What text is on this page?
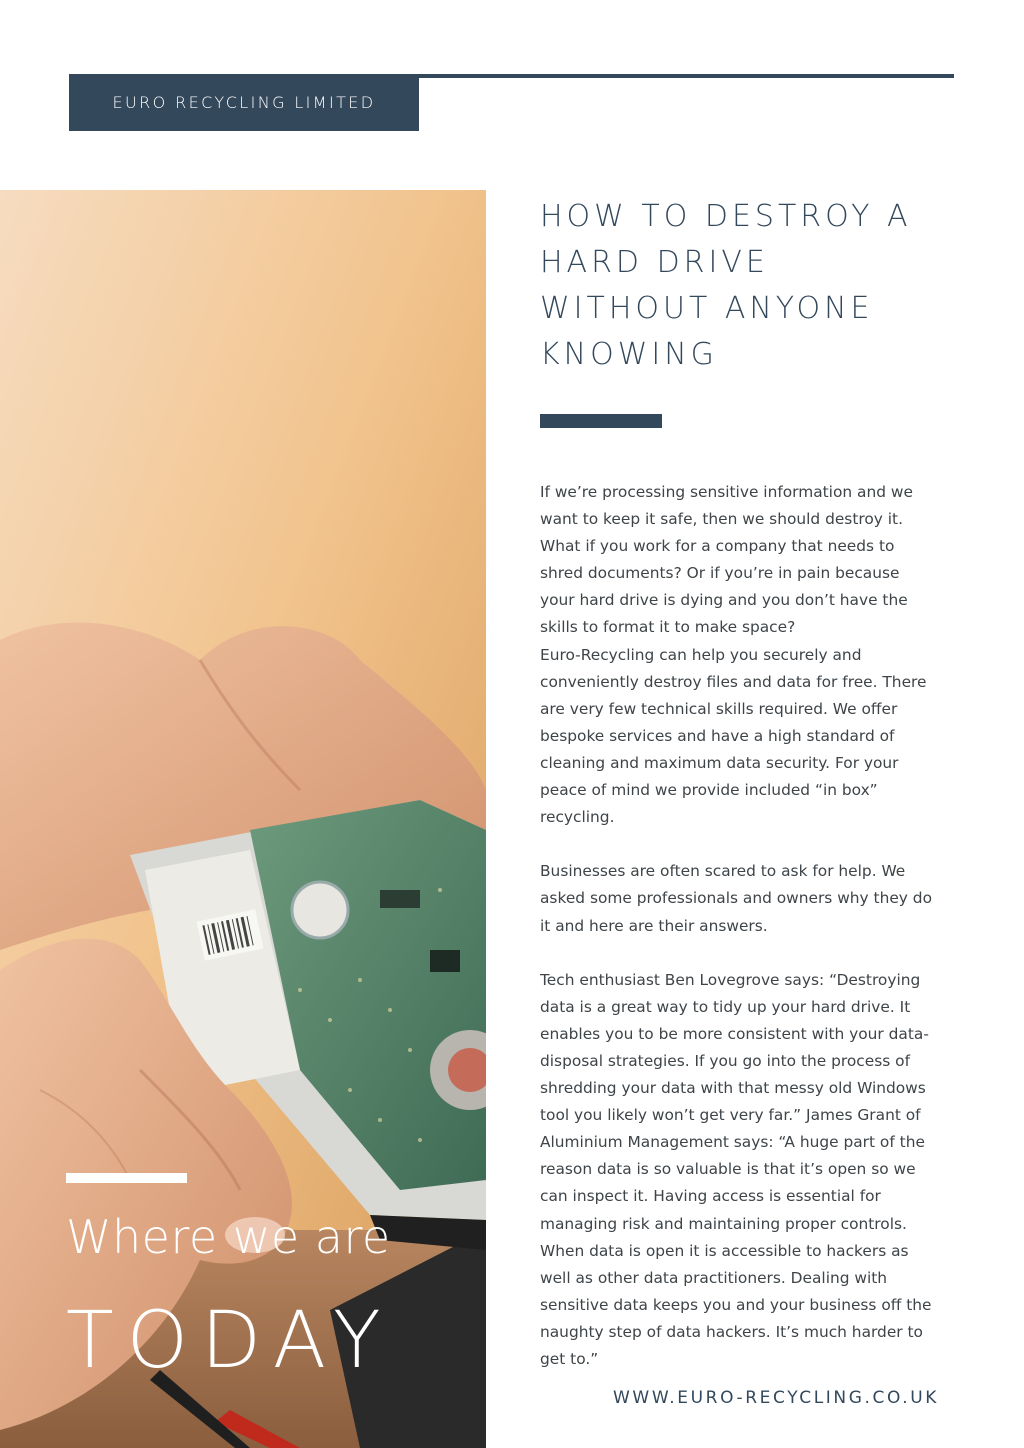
EURO RECYCLING LIMITED
Where we are
TODAY
HOW TO DESTROY A
HARD DRIVE
WITHOUT ANYONE
KNOWING
If we’re processing sensitive information and we
want to keep it safe, then we should destroy it.
What if you work for a company that needs to
shred documents? Or if you’re in pain because
your hard drive is dying and you don’t have the
skills to format it to make space?
Euro-Recycling can help you securely and
conveniently destroy files and data for free. There
are very few technical skills required. We offer
bespoke services and have a high standard of
cleaning and maximum data security. For your
peace of mind we provide included “in box”
recycling.
Businesses are often scared to ask for help. We
asked some professionals and owners why they do
it and here are their answers.
Tech enthusiast Ben Lovegrove says: “Destroying
data is a great way to tidy up your hard drive. It
enables you to be more consistent with your data-
disposal strategies. If you go into the process of
shredding your data with that messy old Windows
tool you likely won’t get very far.” James Grant of
Aluminium Management says: “A huge part of the
reason data is so valuable is that it’s open so we
can inspect it. Having access is essential for
managing risk and maintaining proper controls.
When data is open it is accessible to hackers as
well as other data practitioners. Dealing with
sensitive data keeps you and your business off the
naughty step of data hackers. It’s much harder to
get to.”
WWW.EURO-RECYCLING.CO.UK
